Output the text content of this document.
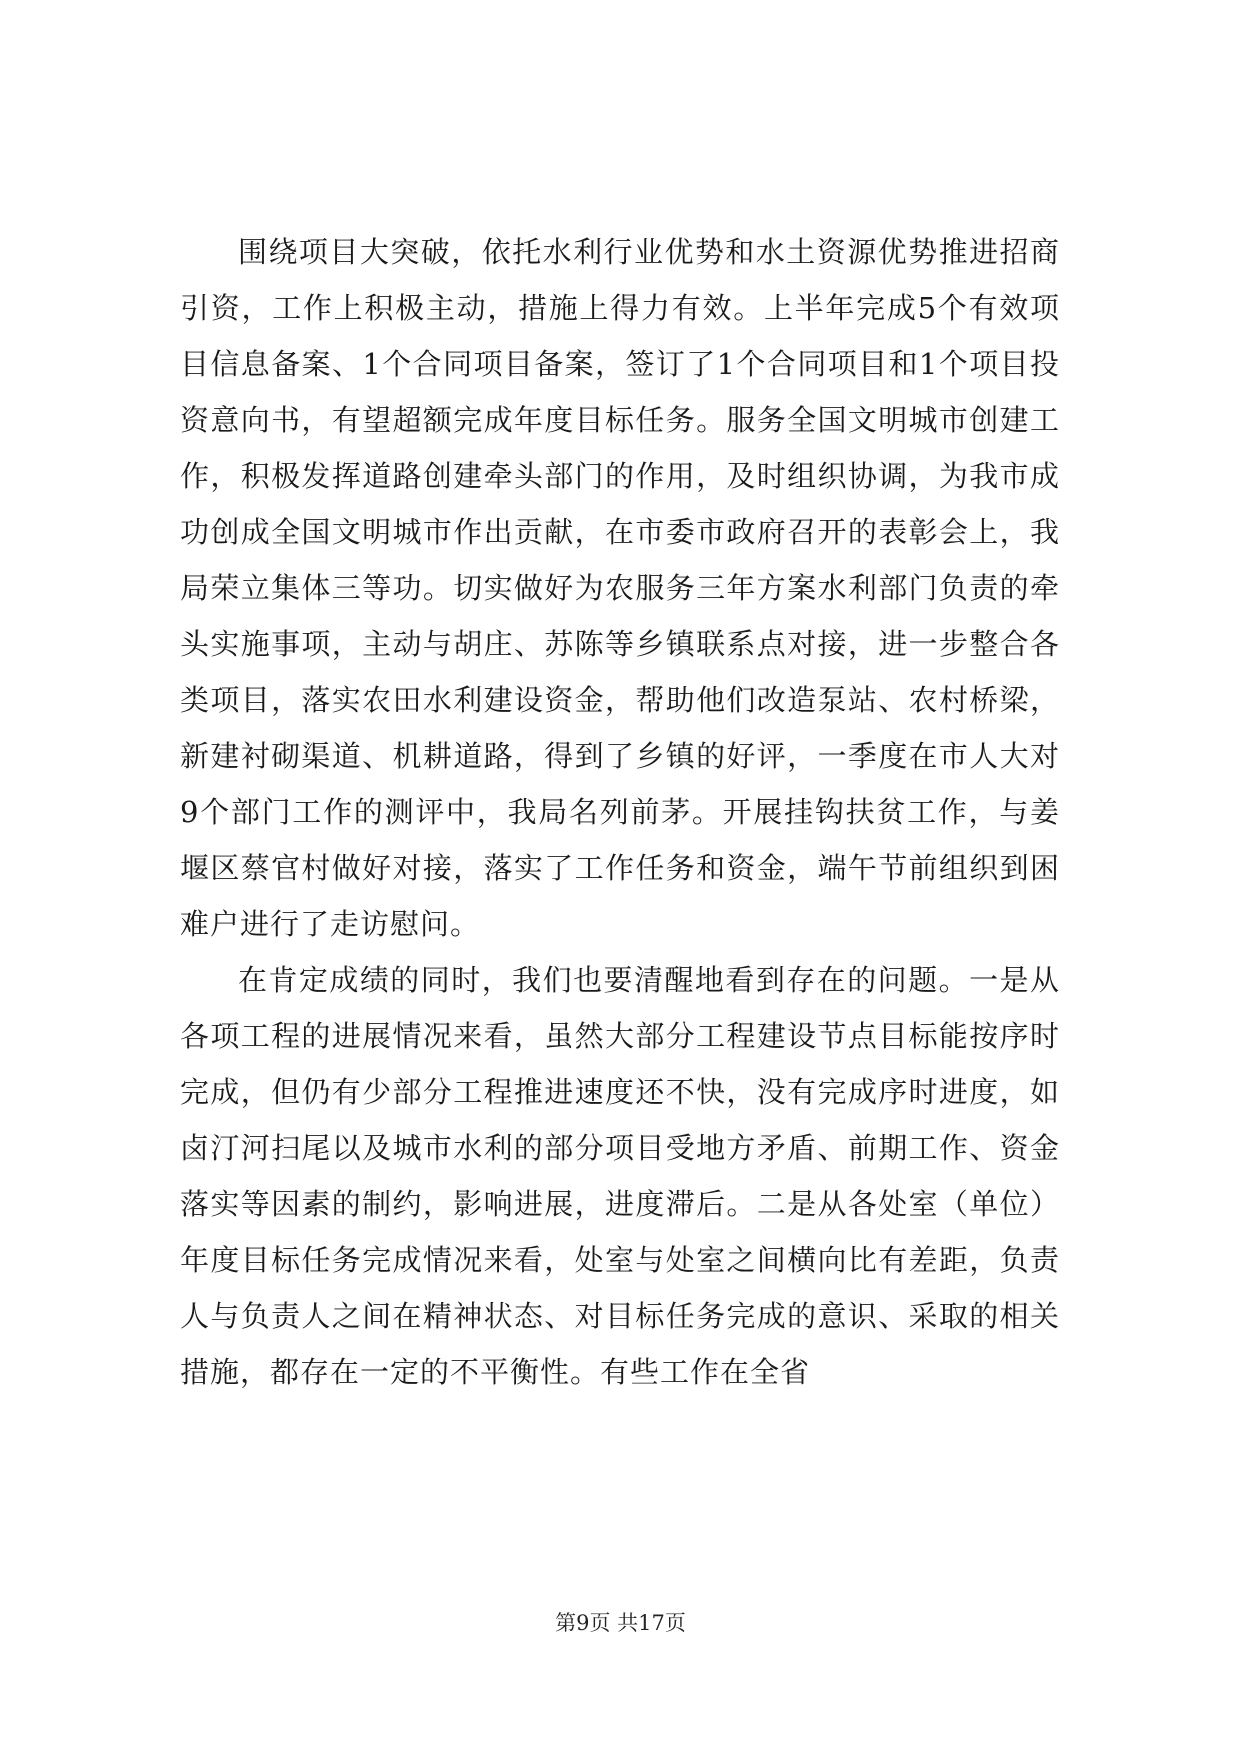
围绕项目大突破，依托水利行业优势和水土资源优势推进招商引资，工作上积极主动，措施上得力有效。上半年完成5个有效项目信息备案、1个合同项目备案，签订了1个合同项目和1个项目投资意向书，有望超额完成年度目标任务。服务全国文明城市创建工作，积极发挥道路创建牵头部门的作用，及时组织协调，为我市成功创成全国文明城市作出贡献，在市委市政府召开的表彰会上，我局荣立集体三等功。切实做好为农服务三年方案水利部门负责的牵头实施事项，主动与胡庄、苏陈等乡镇联系点对接，进一步整合各类项目，落实农田水利建设资金，帮助他们改造泵站、农村桥梁，新建衬砌渠道、机耕道路，得到了乡镇的好评，一季度在市人大对9个部门工作的测评中，我局名列前茅。开展挂钩扶贫工作，与姜堰区蔡官村做好对接，落实了工作任务和资金，端午节前组织到困难户进行了走访慰问。

在肯定成绩的同时，我们也要清醒地看到存在的问题。一是从各项工程的进展情况来看，虽然大部分工程建设节点目标能按序时完成，但仍有少部分工程推进速度还不快，没有完成序时进度，如卤汀河扫尾以及城市水利的部分项目受地方矛盾、前期工作、资金落实等因素的制约，影响进展，进度滞后。二是从各处室（单位）年度目标任务完成情况来看，处室与处室之间横向比有差距，负责人与负责人之间在精神状态、对目标任务完成的意识、采取的相关措施，都存在一定的不平衡性。有些工作在全省

第9页 共17页
